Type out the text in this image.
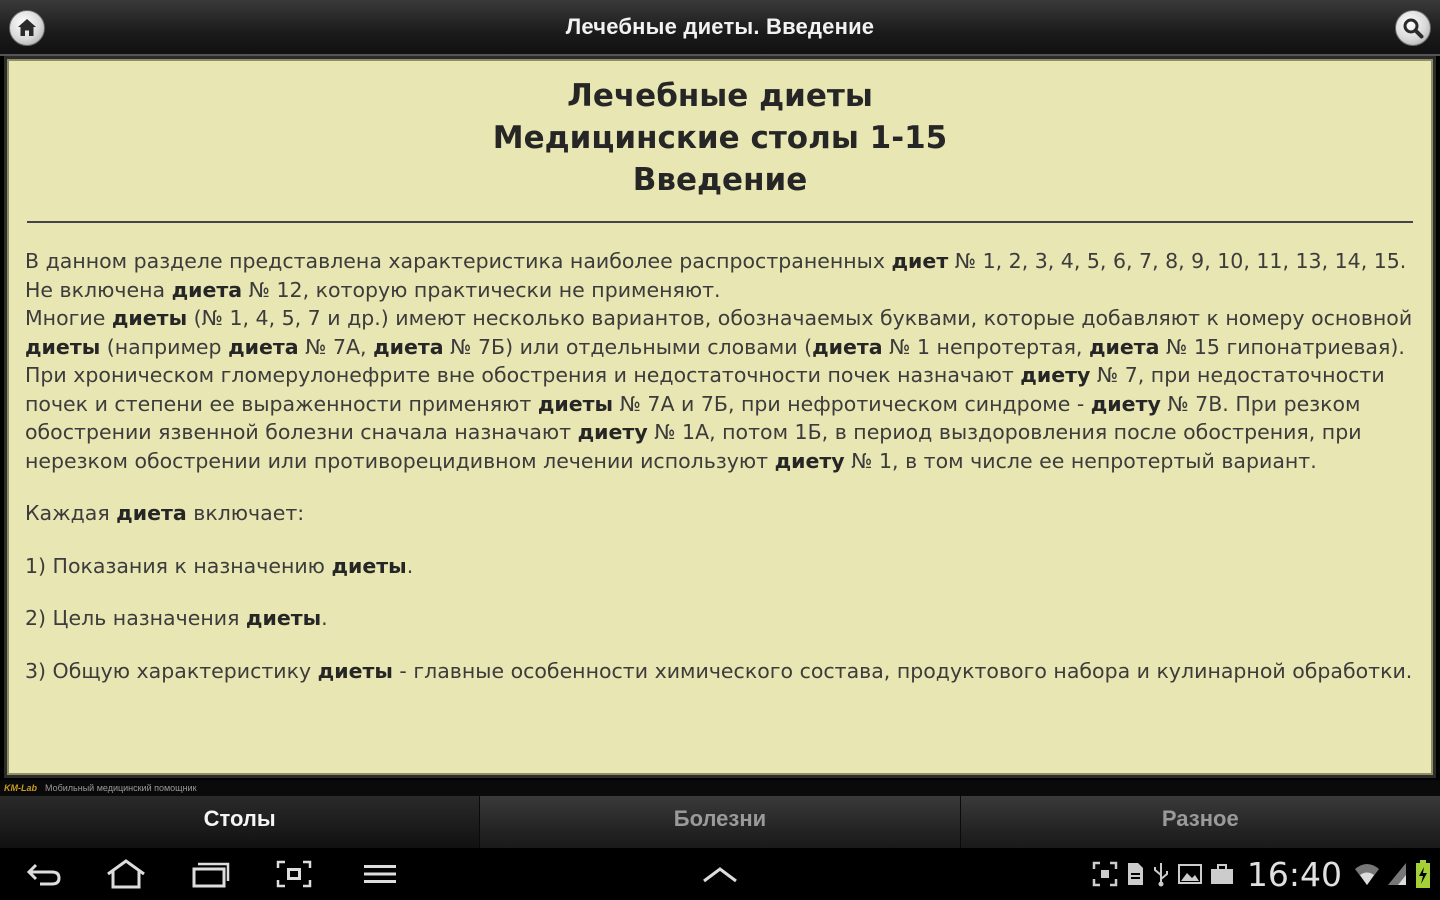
Лечебные диеты. Введение
Лечебные диеты
Медицинские столы 1-15
Введение

В данном разделе представлена характеристика наиболее распространенных диет № 1, 2, 3, 4, 5, 6, 7, 8, 9, 10, 11, 13, 14, 15. Не включена диета № 12, которую практически не применяют.

Многие диеты (№ 1, 4, 5, 7 и др.) имеют несколько вариантов, обозначаемых буквами, которые добавляют к номеру основной диеты (например диета № 7А, диета № 7Б) или отдельными словами (диета № 1 непротертая, диета № 15 гипонатриевая).

При хроническом гломерулонефрите вне обострения и недостаточности почек назначают диету № 7, при недостаточности почек и степени ее выраженности применяют диеты № 7А и 7Б, при нефротическом синдроме - диету № 7В. При резком обострении язвенной болезни сначала назначают диету № 1А, потом 1Б, в период выздоровления после обострения, при нерезком обострении или противорецидивном лечении используют диету № 1, в том числе ее непротертый вариант.

Каждая диета включает:

1) Показания к назначению диеты.

2) Цель назначения диеты.

3) Общую характеристику диеты - главные особенности химического состава, продуктового набора и кулинарной обработки.

KM-Lab Мобильный медицинский помощник
Столы	Болезни	Разное
16:40
